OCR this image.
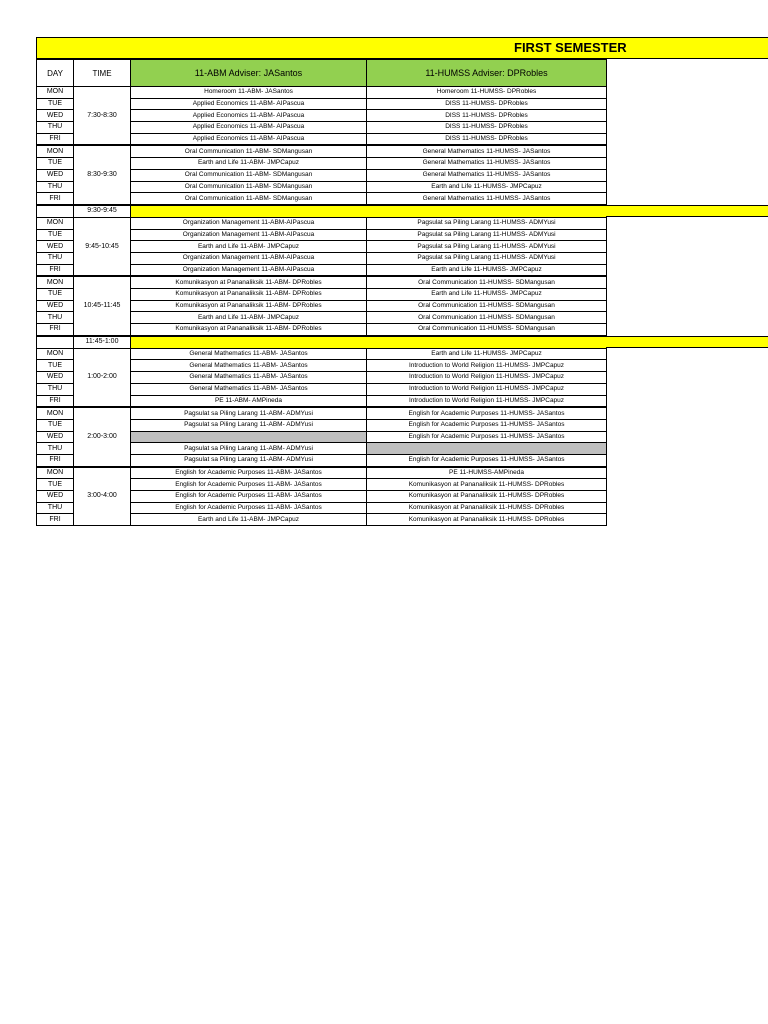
FIRST SEMESTER
DAY	TIME	11-ABM Adviser: JASantos	11-HUMSS Adviser: DPRobles
MON	7:30-8:30	Homeroom 11-ABM- JASantos	Homeroom 11-HUMSS- DPRobles
TUE		Applied Economics 11-ABM- AIPascua	DISS 11-HUMSS- DPRobles
WED		Applied Economics 11-ABM- AIPascua	DISS 11-HUMSS- DPRobles
THU		Applied Economics 11-ABM- AIPascua	DISS 11-HUMSS- DPRobles
FRI		Applied Economics 11-ABM- AIPascua	DISS 11-HUMSS- DPRobles
MON	8:30-9:30	Oral Communication 11-ABM- SDMangusan	General Mathematics 11-HUMSS- JASantos
TUE		Earth and Life 11-ABM- JMPCapuz	General Mathematics 11-HUMSS- JASantos
WED		Oral Communication 11-ABM- SDMangusan	General Mathematics 11-HUMSS- JASantos
THU		Oral Communication 11-ABM- SDMangusan	Earth and Life 11-HUMSS- JMPCapuz
FRI		Oral Communication 11-ABM- SDMangusan	General Mathematics 11-HUMSS- JASantos
	9:30-9:45		
MON	9:45-10:45	Organization Management 11-ABM-AIPascua	Pagsulat sa Piling Larang 11-HUMSS- ADMYusi
TUE		Organization Management 11-ABM-AIPascua	Pagsulat sa Piling Larang 11-HUMSS- ADMYusi
WED		Earth and Life 11-ABM- JMPCapuz	Pagsulat sa Piling Larang 11-HUMSS- ADMYusi
THU		Organization Management 11-ABM-AIPascua	Pagsulat sa Piling Larang 11-HUMSS- ADMYusi
FRI		Organization Management 11-ABM-AIPascua	Earth and Life 11-HUMSS- JMPCapuz
MON	10:45-11:45	Komunikasyon at Pananaliksik 11-ABM- DPRobles	Oral Communication 11-HUMSS- SDMangusan
TUE		Komunikasyon at Pananaliksik 11-ABM- DPRobles	Earth and Life 11-HUMSS- JMPCapuz
WED		Komunikasyon at Pananaliksik 11-ABM- DPRobles	Oral Communication 11-HUMSS- SDMangusan
THU		Earth and Life 11-ABM- JMPCapuz	Oral Communication 11-HUMSS- SDMangusan
FRI		Komunikasyon at Pananaliksik 11-ABM- DPRobles	Oral Communication 11-HUMSS- SDMangusan
	11:45-1:00		
MON	1:00-2:00	General Mathematics 11-ABM- JASantos	Earth and Life 11-HUMSS- JMPCapuz
TUE		General Mathematics 11-ABM- JASantos	Introduction to World Religion 11-HUMSS- JMPCapuz
WED		General Mathematics 11-ABM- JASantos	Introduction to World Religion 11-HUMSS- JMPCapuz
THU		General Mathematics 11-ABM- JASantos	Introduction to World Religion 11-HUMSS- JMPCapuz
FRI		PE 11-ABM- AMPineda	Introduction to World Religion 11-HUMSS- JMPCapuz
MON	2:00-3:00	Pagsulat sa Piling Larang 11-ABM- ADMYusi	English for Academic Purposes 11-HUMSS- JASantos
TUE		Pagsulat sa Piling Larang 11-ABM- ADMYusi	English for Academic Purposes 11-HUMSS- JASantos
WED			English for Academic Purposes 11-HUMSS- JASantos
THU		Pagsulat sa Piling Larang 11-ABM- ADMYusi	
FRI		Pagsulat sa Piling Larang 11-ABM- ADMYusi	English for Academic Purposes 11-HUMSS- JASantos
MON	3:00-4:00	English for Academic Purposes 11-ABM- JASantos	PE 11-HUMSS-AMPineda
TUE		English for Academic Purposes 11-ABM- JASantos	Komunikasyon at Pananaliksik 11-HUMSS- DPRobles
WED		English for Academic Purposes 11-ABM- JASantos	Komunikasyon at Pananaliksik 11-HUMSS- DPRobles
THU		English for Academic Purposes 11-ABM- JASantos	Komunikasyon at Pananaliksik 11-HUMSS- DPRobles
FRI		Earth and Life 11-ABM- JMPCapuz	Komunikasyon at Pananaliksik 11-HUMSS- DPRobles
